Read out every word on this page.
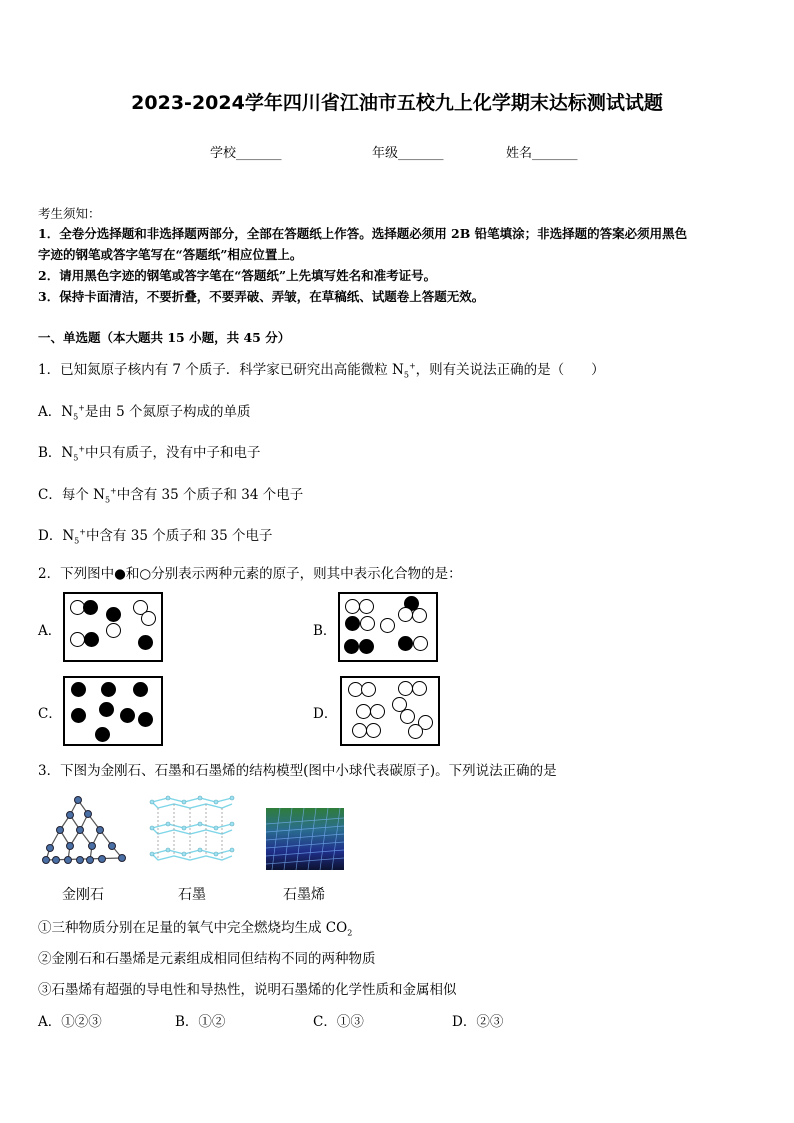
2023-2024学年四川省江油市五校九上化学期末达标测试试题
学校_______	年级_______	姓名_______
考生须知：
1．全卷分选择题和非选择题两部分，全部在答题纸上作答。选择题必须用 2B 铅笔填涂；非选择题的答案必须用黑色
字迹的钢笔或答字笔写在“答题纸”相应位置上。
2．请用黑色字迹的钢笔或答字笔在“答题纸”上先填写姓名和准考证号。
3．保持卡面清洁，不要折叠，不要弄破、弄皱，在草稿纸、试题卷上答题无效。
一、单选题（本大题共 15 小题，共 45 分）
1．已知氮原子核内有 7 个质子．科学家已研究出高能微粒 $N_5^+$，则有关说法正确的是（　　）
A．$N_5^+$是由 5 个氮原子构成的单质
B．$N_5^+$中只有质子，没有中子和电子
C．每个 $N_5^+$中含有 35 个质子和 34 个电子
D．$N_5^+$中含有 35 个质子和 35 个电子
2．下列图中●和○分别表示两种元素的原子，则其中表示化合物的是：
A．	B．
C．	D．
3．下图为金刚石、石墨和石墨烯的结构模型(图中小球代表碳原子)。下列说法正确的是
金刚石	石墨	石墨烯
①三种物质分别在足量的氧气中完全燃烧均生成 $CO_2$
②金刚石和石墨烯是元素组成相同但结构不同的两种物质
③石墨烯有超强的导电性和导热性，说明石墨烯的化学性质和金属相似
A．①②③	B．①②	C．①③	D．②③
